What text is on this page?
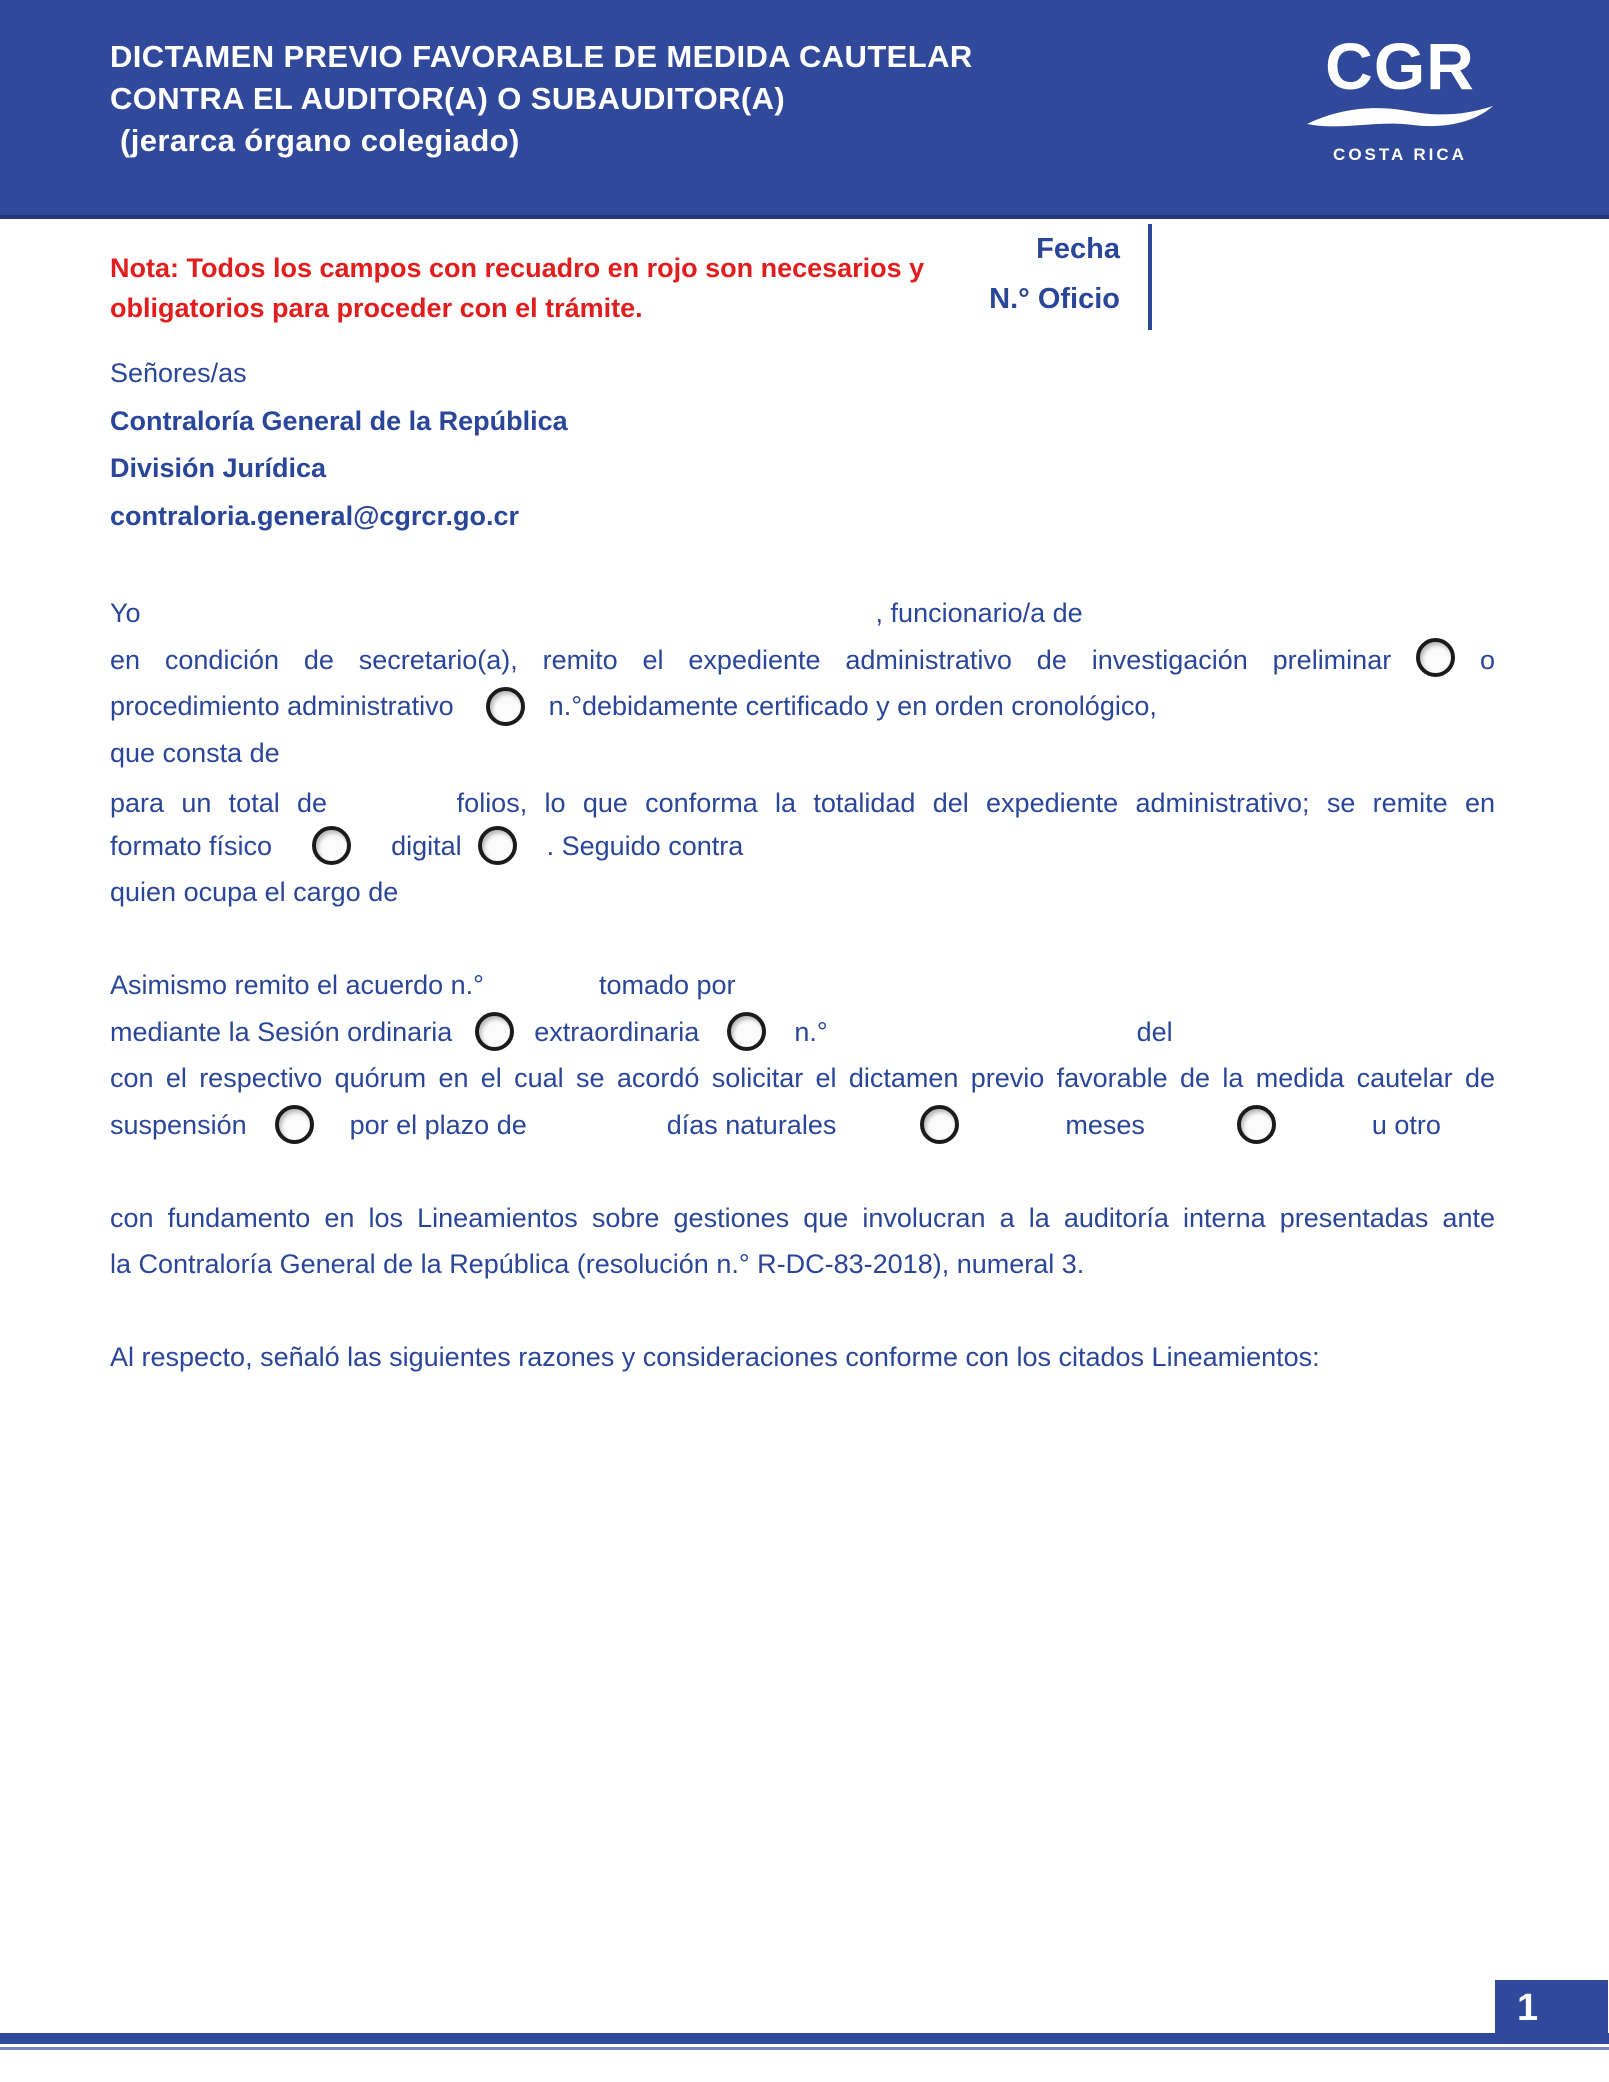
DICTAMEN PREVIO FAVORABLE DE MEDIDA CAUTELAR
CONTRA EL AUDITOR(A) O SUBAUDITOR(A)
(jerarca órgano colegiado)
CGR
COSTA RICA
Nota: Todos los campos con recuadro en rojo son necesarios y
obligatorios para proceder con el trámite.
Fecha
N.° Oficio
Señores/as
Contraloría General de la República
División Jurídica
contraloria.general@cgrcr.go.cr
Yo	, funcionario/a de
en condición de secretario(a), remito el expediente administrativo de investigación preliminar	o
procedimiento administrativo	n.° debidamente certificado y en orden cronológico,
que consta de
para un total de	folios, lo que conforma la totalidad del expediente administrativo; se remite en
formato físico	digital	. Seguido contra
quien ocupa el cargo de
Asimismo remito el acuerdo n.°	tomado por
mediante la Sesión ordinaria	extraordinaria	n.°	del
con el respectivo quórum en el cual se acordó solicitar el dictamen previo favorable de la medida cautelar de
suspensión	por el plazo de	días naturales	meses	u otro
con fundamento en los Lineamientos sobre gestiones que involucran a la auditoría interna presentadas ante
la Contraloría General de la República (resolución n.° R-DC-83-2018), numeral 3.
Al respecto, señaló las siguientes razones y consideraciones conforme con los citados Lineamientos:
1
